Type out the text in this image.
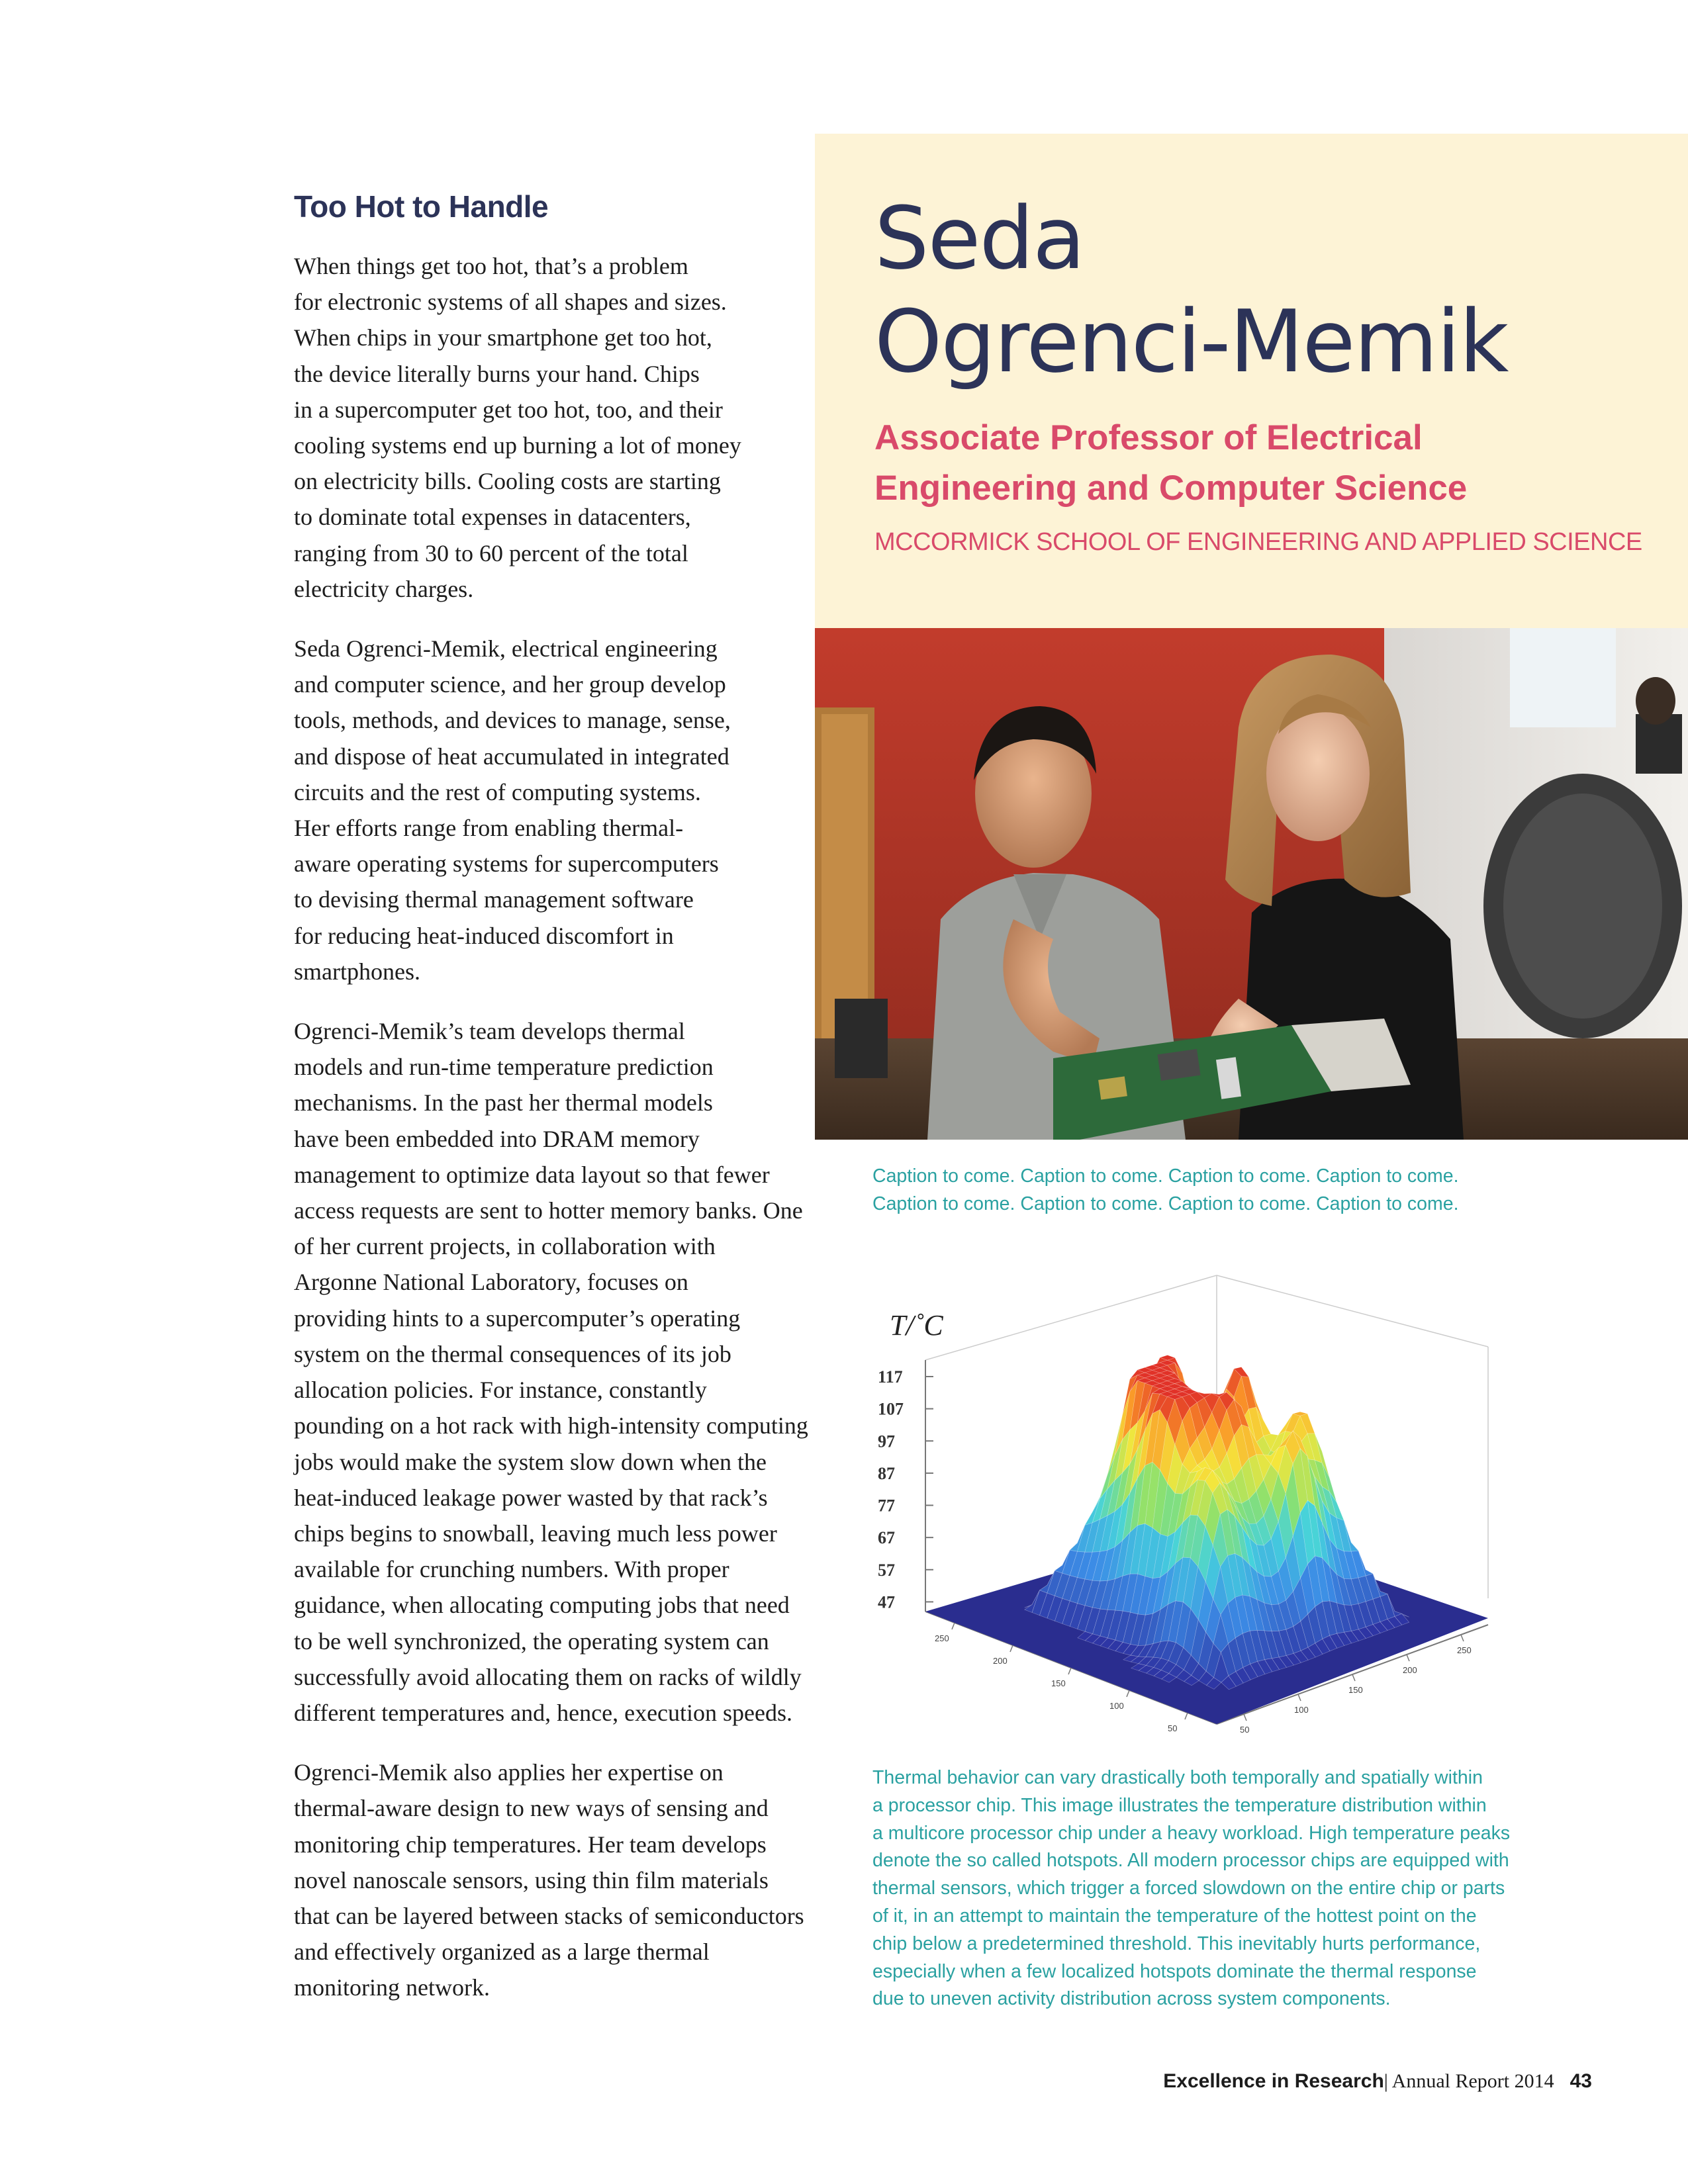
Too Hot to Handle

When things get too hot, that’s a problem
for electronic systems of all shapes and sizes.
When chips in your smartphone get too hot,
the device literally burns your hand. Chips
in a supercomputer get too hot, too, and their
cooling systems end up burning a lot of money
on electricity bills. Cooling costs are starting
to dominate total expenses in datacenters,
ranging from 30 to 60 percent of the total
electricity charges.

Seda Ogrenci-Memik, electrical engineering
and computer science, and her group develop
tools, methods, and devices to manage, sense,
and dispose of heat accumulated in integrated
circuits and the rest of computing systems.
Her efforts range from enabling thermal-
aware operating systems for supercomputers
to devising thermal management software
for reducing heat-induced discomfort in
smartphones.

Ogrenci-Memik’s team develops thermal
models and run-time temperature prediction
mechanisms. In the past her thermal models
have been embedded into DRAM memory
management to optimize data layout so that fewer
access requests are sent to hotter memory banks. One
of her current projects, in collaboration with
Argonne National Laboratory, focuses on
providing hints to a supercomputer’s operating
system on the thermal consequences of its job
allocation policies. For instance, constantly
pounding on a hot rack with high-intensity computing
jobs would make the system slow down when the
heat-induced leakage power wasted by that rack’s
chips begins to snowball, leaving much less power
available for crunching numbers. With proper
guidance, when allocating computing jobs that need
to be well synchronized, the operating system can
successfully avoid allocating them on racks of wildly
different temperatures and, hence, execution speeds.

Ogrenci-Memik also applies her expertise on
thermal-aware design to new ways of sensing and
monitoring chip temperatures. Her team develops
novel nanoscale sensors, using thin film materials
that can be layered between stacks of semiconductors
and effectively organized as a large thermal
monitoring network.

Seda
Ogrenci-Memik
Associate Professor of Electrical
Engineering and Computer Science
MCCORMICK SCHOOL OF ENGINEERING AND APPLIED SCIENCE
Caption to come. Caption to come. Caption to come. Caption to come.
Caption to come. Caption to come. Caption to come. Caption to come.
117
107
97
87
77
67
57
47
250
200
150
100
50
250
200
150
100
50
T/˚C
Thermal behavior can vary drastically both temporally and spatially within
a processor chip. This image illustrates the temperature distribution within
a multicore processor chip under a heavy workload. High temperature peaks
denote the so called hotspots. All modern processor chips are equipped with
thermal sensors, which trigger a forced slowdown on the entire chip or parts
of it, in an attempt to maintain the temperature of the hottest point on the
chip below a predetermined threshold. This inevitably hurts performance,
especially when a few localized hotspots dominate the thermal response
due to uneven activity distribution across system components.
Excellence in Research| Annual Report 2014 43
